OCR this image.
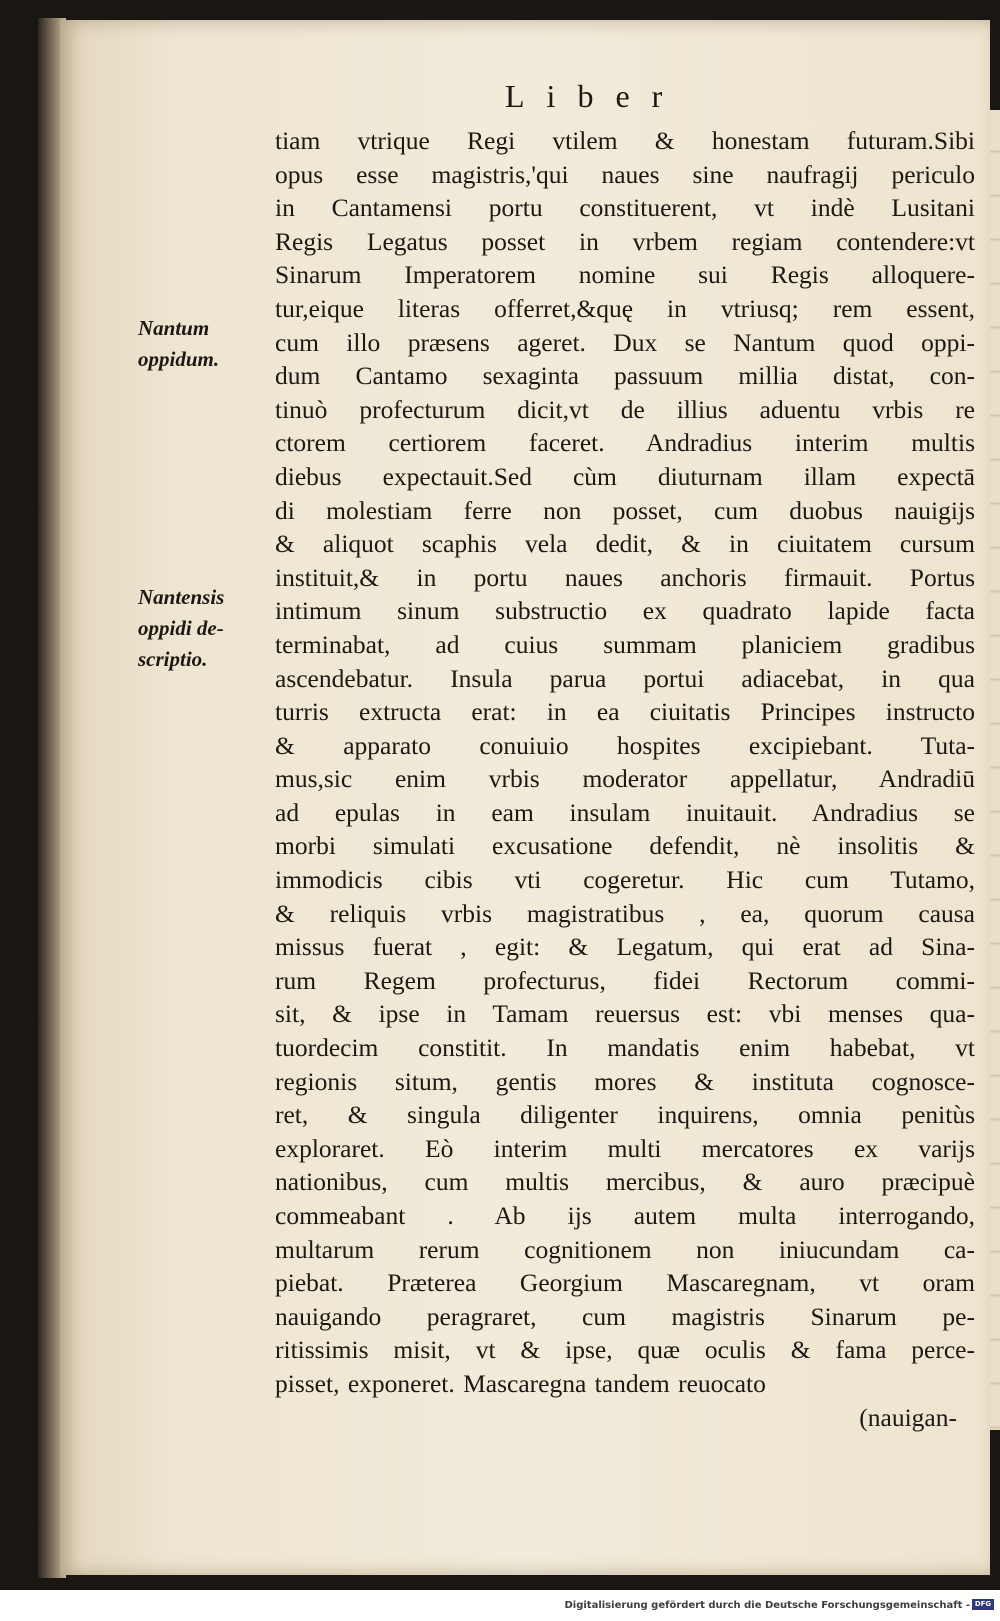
Liber
Nantum
oppidum.
Nantensis
oppidi de-
scriptio.
tiam vtrique Regi vtilem & honestam futuram.Sibi
opus esse magistris,'qui naues sine naufragij periculo
in Cantamensi portu constituerent, vt indè Lusitani
Regis Legatus posset in vrbem regiam contendere:vt
Sinarum Imperatorem nomine sui Regis alloquere-
tur,eique literas offerret,&quę in vtriusq; rem essent,
cum illo præsens ageret. Dux se Nantum quod oppi-
dum Cantamo sexaginta passuum millia distat, con-
tinuò profecturum dicit,vt de illius aduentu vrbis re
ctorem certiorem faceret. Andradius interim multis
diebus expectauit.Sed cùm diuturnam illam expectā
di molestiam ferre non posset, cum duobus nauigijs
& aliquot scaphis vela dedit, & in ciuitatem cursum
instituit,& in portu naues anchoris firmauit. Portus
intimum sinum substructio ex quadrato lapide facta
terminabat, ad cuius summam planiciem gradibus
ascendebatur. Insula parua portui adiacebat, in qua
turris extructa erat: in ea ciuitatis Principes instructo
& apparato conuiuio hospites excipiebant. Tuta-
mus,sic enim vrbis moderator appellatur, Andradiū
ad epulas in eam insulam inuitauit. Andradius se
morbi simulati excusatione defendit, nè insolitis &
immodicis cibis vti cogeretur. Hic cum Tutamo,
& reliquis vrbis magistratibus , ea, quorum causa
missus fuerat , egit: & Legatum, qui erat ad Sina-
rum Regem profecturus, fidei Rectorum commi-
sit, & ipse in Tamam reuersus est: vbi menses qua-
tuordecim constitit. In mandatis enim habebat, vt
regionis situm, gentis mores & instituta cognosce-
ret, & singula diligenter inquirens, omnia penitùs
exploraret. Eò interim multi mercatores ex varijs
nationibus, cum multis mercibus, & auro præcipuè
commeabant . Ab ijs autem multa interrogando,
multarum rerum cognitionem non iniucundam ca-
piebat. Præterea Georgium Mascaregnam, vt oram
nauigando peragraret, cum magistris Sinarum pe-
ritissimis misit, vt & ipse, quæ oculis & fama perce-
pisset, exponeret. Mascaregna tandem reuocato
(nauigan-
Digitalisierung gefördert durch die Deutsche Forschungsgemeinschaft - DFG
